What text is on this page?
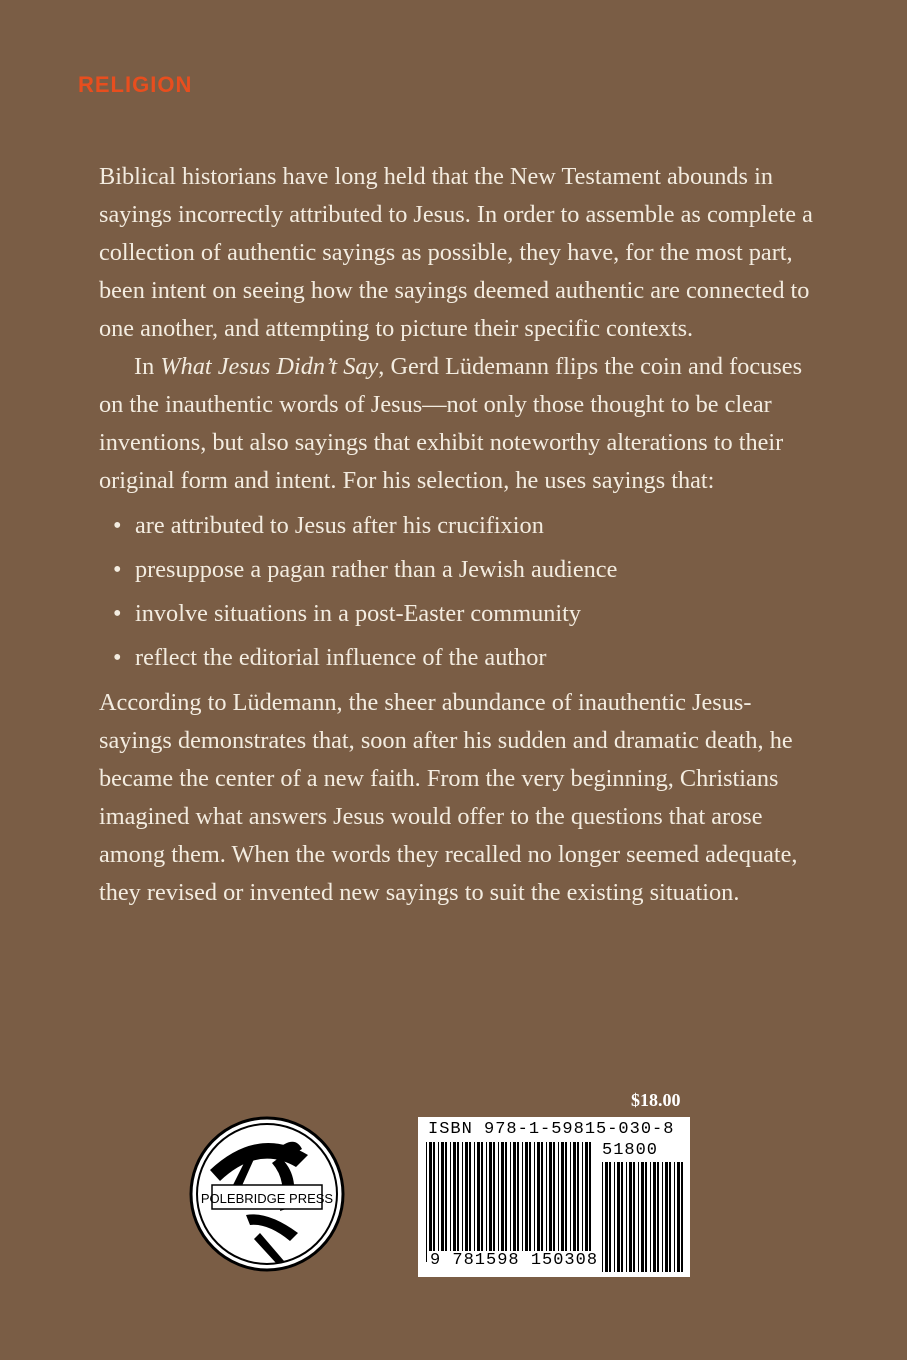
RELIGION

Biblical historians have long held that the New Testament abounds in sayings incorrectly attributed to Jesus. In order to assemble as complete a collection of authentic sayings as possible, they have, for the most part, been intent on seeing how the sayings deemed authentic are connected to one another, and attempting to picture their specific contexts.

In What Jesus Didn’t Say, Gerd Lüdemann flips the coin and focuses on the inauthentic words of Jesus—not only those thought to be clear inventions, but also sayings that exhibit noteworthy alterations to their original form and intent. For his selection, he uses sayings that:

• are attributed to Jesus after his crucifixion
• presuppose a pagan rather than a Jewish audience
• involve situations in a post-Easter community
• reflect the editorial influence of the author

According to Lüdemann, the sheer abundance of inauthentic Jesus-sayings demonstrates that, soon after his sudden and dramatic death, he became the center of a new faith. From the very beginning, Christians imagined what answers Jesus would offer to the questions that arose among them. When the words they recalled no longer seemed adequate, they revised or invented new sayings to suit the existing situation.

POLEBRIDGE PRESS
$18.00
ISBN 978-1-59815-030-8
51800
9 781598 150308
